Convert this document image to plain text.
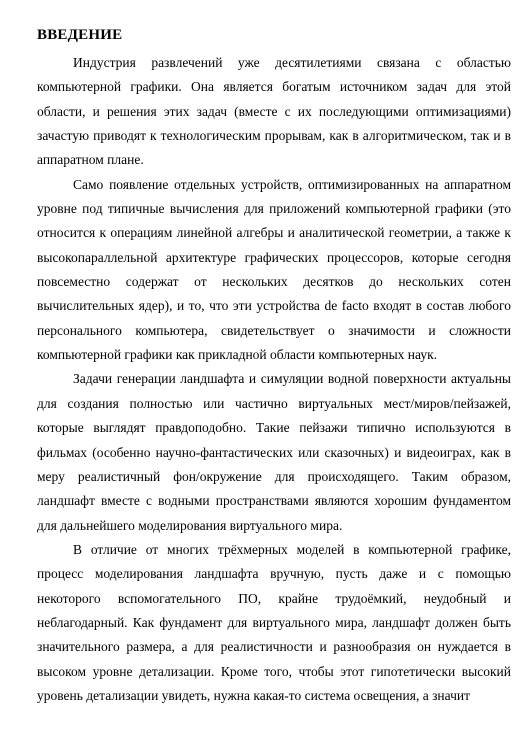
ВВЕДЕНИЕ

Индустрия развлечений уже десятилетиями связана с областью компьютерной графики. Она является богатым источником задач для этой области, и решения этих задач (вместе с их последующими оптимизациями) зачастую приводят к технологическим прорывам, как в алгоритмическом, так и в аппаратном плане.

Само появление отдельных устройств, оптимизированных на аппаратном уровне под типичные вычисления для приложений компьютерной графики (это относится к операциям линейной алгебры и аналитической геометрии, а также к высокопараллельной архитектуре графических процессоров, которые сегодня повсеместно содержат от нескольких десятков до нескольких сотен вычислительных ядер), и то, что эти устройства de facto входят в состав любого персонального компьютера, свидетельствует о значимости и сложности компьютерной графики как прикладной области компьютерных наук.

Задачи генерации ландшафта и симуляции водной поверхности актуальны для создания полностью или частично виртуальных мест/миров/пейзажей, которые выглядят правдоподобно. Такие пейзажи типично используются в фильмах (особенно научно-фантастических или сказочных) и видеоиграх, как в меру реалистичный фон/окружение для происходящего. Таким образом, ландшафт вместе с водными пространствами являются хорошим фундаментом для дальнейшего моделирования виртуального мира.

В отличие от многих трёхмерных моделей в компьютерной графике, процесс моделирования ландшафта вручную, пусть даже и с помощью некоторого вспомогательного ПО, крайне трудоёмкий, неудобный и неблагодарный. Как фундамент для виртуального мира, ландшафт должен быть значительного размера, а для реалистичности и разнообразия он нуждается в высоком уровне детализации. Кроме того, чтобы этот гипотетически высокий уровень детализации увидеть, нужна какая-то система освещения, а значит
